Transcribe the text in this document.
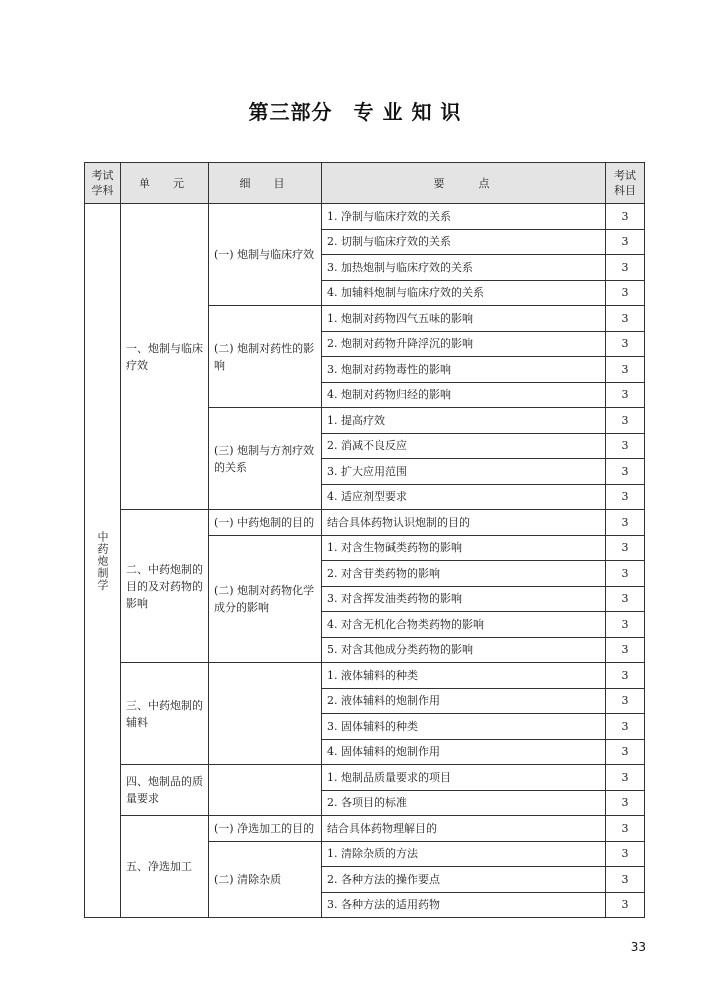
第三部分　专 业 知 识
考试
学科	单　元	细　目	要　　点	考试
科目
中药炮制学	一、炮制与临床疗效	(一) 炮制与临床疗效	1. 净制与临床疗效的关系	3
			2. 切制与临床疗效的关系	3
			3. 加热炮制与临床疗效的关系	3
			4. 加辅料炮制与临床疗效的关系	3
		(二) 炮制对药性的影响	1. 炮制对药物四气五味的影响	3
			2. 炮制对药物升降浮沉的影响	3
			3. 炮制对药物毒性的影响	3
			4. 炮制对药物归经的影响	3
		(三) 炮制与方剂疗效的关系	1. 提高疗效	3
			2. 消减不良反应	3
			3. 扩大应用范围	3
			4. 适应剂型要求	3
	二、中药炮制的目的及对药物的影响	(一) 中药炮制的目的	结合具体药物认识炮制的目的	3
		(二) 炮制对药物化学成分的影响	1. 对含生物碱类药物的影响	3
			2. 对含苷类药物的影响	3
			3. 对含挥发油类药物的影响	3
			4. 对含无机化合物类药物的影响	3
			5. 对含其他成分类药物的影响	3
	三、中药炮制的辅料		1. 液体辅料的种类	3
			2. 液体辅料的炮制作用	3
			3. 固体辅料的种类	3
			4. 固体辅料的炮制作用	3
	四、炮制品的质量要求		1. 炮制品质量要求的项目	3
			2. 各项目的标准	3
	五、净选加工	(一) 净选加工的目的	结合具体药物理解目的	3
		(二) 清除杂质	1. 清除杂质的方法	3
			2. 各种方法的操作要点	3
			3. 各种方法的适用药物	3
33
